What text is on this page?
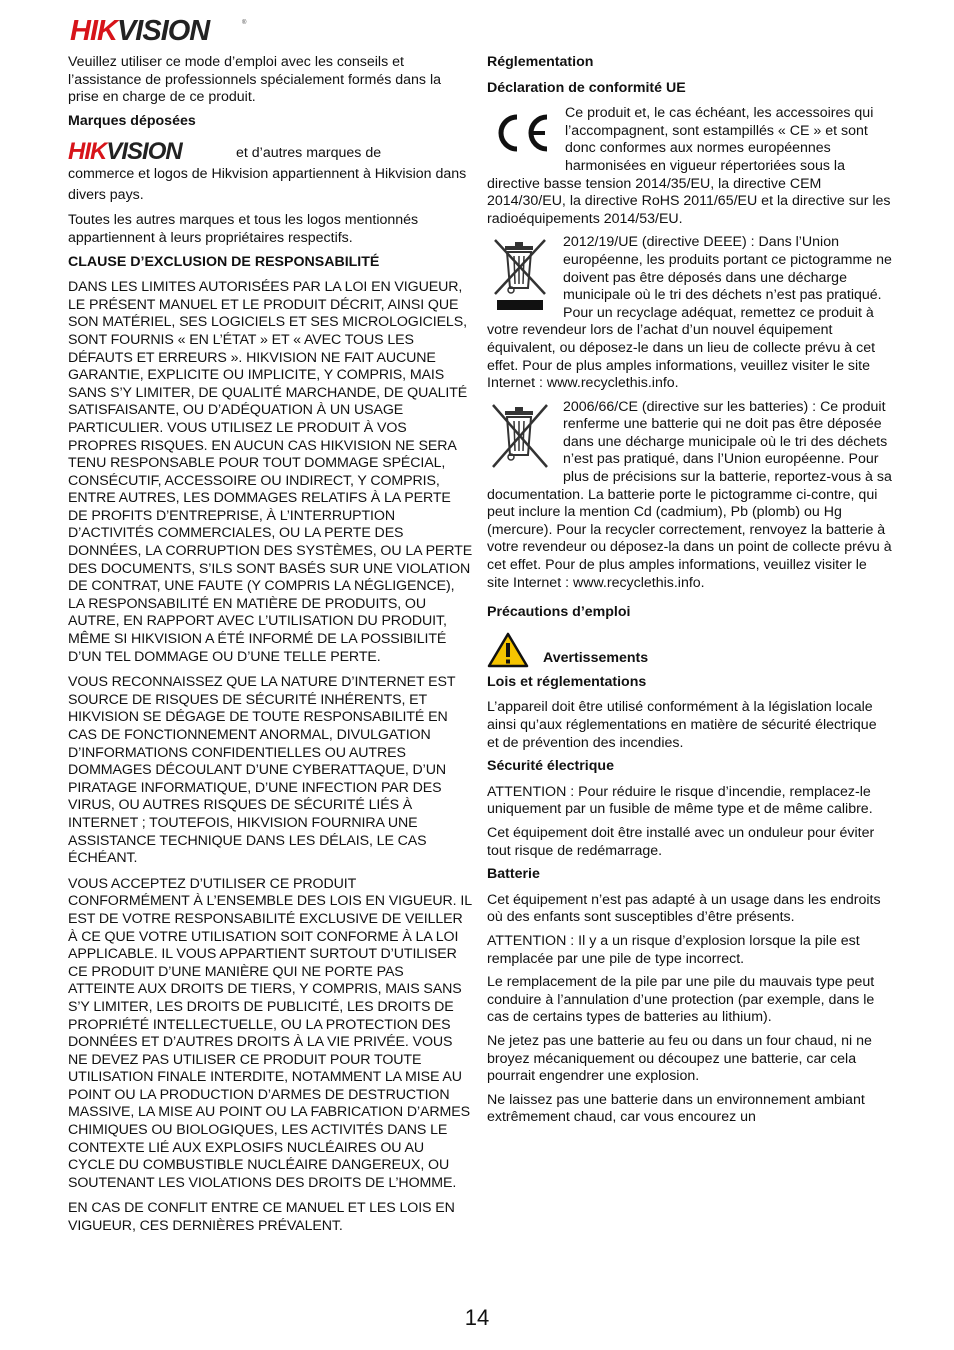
HIKVISION	®

Veuillez utiliser ce mode d’emploi avec les conseils et l’assistance de professionnels spécialement formés dans la prise en charge de ce produit.

Marques déposées

HIKVISION	et d’autres marques de

commerce et logos de Hikvision appartiennent à Hikvision dans divers pays.

Toutes les autres marques et tous les logos mentionnés appartiennent à leurs propriétaires respectifs.

CLAUSE D’EXCLUSION DE RESPONSABILITÉ

DANS LES LIMITES AUTORISÉES PAR LA LOI EN VIGUEUR, LE PRÉSENT MANUEL ET LE PRODUIT DÉCRIT, AINSI QUE SON MATÉRIEL, SES LOGICIELS ET SES MICROLOGICIELS, SONT FOURNIS « EN L’ÉTAT » ET « AVEC TOUS LES DÉFAUTS ET ERREURS ». HIKVISION NE FAIT AUCUNE GARANTIE, EXPLICITE OU IMPLICITE, Y COMPRIS, MAIS SANS S’Y LIMITER, DE QUALITÉ MARCHANDE, DE QUALITÉ SATISFAISANTE, OU D’ADÉQUATION À UN USAGE PARTICULIER. VOUS UTILISEZ LE PRODUIT À VOS PROPRES RISQUES. EN AUCUN CAS HIKVISION NE SERA TENU RESPONSABLE POUR TOUT DOMMAGE SPÉCIAL, CONSÉCUTIF, ACCESSOIRE OU INDIRECT, Y COMPRIS, ENTRE AUTRES, LES DOMMAGES RELATIFS À LA PERTE DE PROFITS D’ENTREPRISE, À L’INTERRUPTION D’ACTIVITÉS COMMERCIALES, OU LA PERTE DES DONNÉES, LA CORRUPTION DES SYSTÈMES, OU LA PERTE DES DOCUMENTS, S’ILS SONT BASÉS SUR UNE VIOLATION DE CONTRAT, UNE FAUTE (Y COMPRIS LA NÉGLIGENCE), LA RESPONSABILITÉ EN MATIÈRE DE PRODUITS, OU AUTRE, EN RAPPORT AVEC L’UTILISATION DU PRODUIT, MÊME SI HIKVISION A ÉTÉ INFORMÉ DE LA POSSIBILITÉ D’UN TEL DOMMAGE OU D’UNE TELLE PERTE.

VOUS RECONNAISSEZ QUE LA NATURE D’INTERNET EST SOURCE DE RISQUES DE SÉCURITÉ INHÉRENTS, ET HIKVISION SE DÉGAGE DE TOUTE RESPONSABILITÉ EN CAS DE FONCTIONNEMENT ANORMAL, DIVULGATION D’INFORMATIONS CONFIDENTIELLES OU AUTRES DOMMAGES DÉCOULANT D’UNE CYBERATTAQUE, D’UN PIRATAGE INFORMATIQUE, D’UNE INFECTION PAR DES VIRUS, OU AUTRES RISQUES DE SÉCURITÉ LIÉS À INTERNET ; TOUTEFOIS, HIKVISION FOURNIRA UNE ASSISTANCE TECHNIQUE DANS LES DÉLAIS, LE CAS ÉCHÉANT.

VOUS ACCEPTEZ D’UTILISER CE PRODUIT CONFORMÉMENT À L’ENSEMBLE DES LOIS EN VIGUEUR. IL EST DE VOTRE RESPONSABILITÉ EXCLUSIVE DE VEILLER À CE QUE VOTRE UTILISATION SOIT CONFORME À LA LOI APPLICABLE. IL VOUS APPARTIENT SURTOUT D’UTILISER CE PRODUIT D’UNE MANIÈRE QUI NE PORTE PAS ATTEINTE AUX DROITS DE TIERS, Y COMPRIS, MAIS SANS S’Y LIMITER, LES DROITS DE PUBLICITÉ, LES DROITS DE PROPRIÉTÉ INTELLECTUELLE, OU LA PROTECTION DES DONNÉES ET D’AUTRES DROITS À LA VIE PRIVÉE. VOUS NE DEVEZ PAS UTILISER CE PRODUIT POUR TOUTE UTILISATION FINALE INTERDITE, NOTAMMENT LA MISE AU POINT OU LA PRODUCTION D’ARMES DE DESTRUCTION MASSIVE, LA MISE AU POINT OU LA FABRICATION D’ARMES CHIMIQUES OU BIOLOGIQUES, LES ACTIVITÉS DANS LE CONTEXTE LIÉ AUX EXPLOSIFS NUCLÉAIRES OU AU CYCLE DU COMBUSTIBLE NUCLÉAIRE DANGEREUX, OU SOUTENANT LES VIOLATIONS DES DROITS DE L’HOMME.

EN CAS DE CONFLIT ENTRE CE MANUEL ET LES LOIS EN VIGUEUR, CES DERNIÈRES PRÉVALENT.

Réglementation

Déclaration de conformité UE

Ce produit et, le cas échéant, les accessoires qui l’accompagnent, sont estampillés « CE » et sont donc conformes aux normes européennes harmonisées en vigueur répertoriées sous la directive basse tension 2014/35/EU, la directive CEM 2014/30/EU, la directive RoHS 2011/65/EU et la directive sur les radioéquipements 2014/53/EU.

2012/19/UE (directive DEEE) : Dans l’Union européenne, les produits portant ce pictogramme ne doivent pas être déposés dans une décharge municipale où le tri des déchets n’est pas pratiqué. Pour un recyclage adéquat, remettez ce produit à votre revendeur lors de l’achat d’un nouvel équipement équivalent, ou déposez-le dans un lieu de collecte prévu à cet effet. Pour de plus amples informations, veuillez visiter le site Internet : www.recyclethis.info.

2006/66/CE (directive sur les batteries) : Ce produit renferme une batterie qui ne doit pas être déposée dans une décharge municipale où le tri des déchets n’est pas pratiqué, dans l’Union européenne. Pour plus de précisions sur la batterie, reportez-vous à sa documentation. La batterie porte le pictogramme ci-contre, qui peut inclure la mention Cd (cadmium), Pb (plomb) ou Hg (mercure). Pour la recycler correctement, renvoyez la batterie à votre revendeur ou déposez-la dans un point de collecte prévu à cet effet. Pour de plus amples informations, veuillez visiter le site Internet : www.recyclethis.info.

Précautions d’emploi

Avertissements

Lois et réglementations

L’appareil doit être utilisé conformément à la législation locale ainsi qu’aux réglementations en matière de sécurité électrique et de prévention des incendies.

Sécurité électrique

ATTENTION : Pour réduire le risque d’incendie, remplacez-le uniquement par un fusible de même type et de même calibre.

Cet équipement doit être installé avec un onduleur pour éviter tout risque de redémarrage.

Batterie

Cet équipement n’est pas adapté à un usage dans les endroits où des enfants sont susceptibles d’être présents.

ATTENTION : Il y a un risque d’explosion lorsque la pile est remplacée par une pile de type incorrect.

Le remplacement de la pile par une pile du mauvais type peut conduire à l’annulation d’une protection (par exemple, dans le cas de certains types de batteries au lithium).

Ne jetez pas une batterie au feu ou dans un four chaud, ni ne broyez mécaniquement ou découpez une batterie, car cela pourrait engendrer une explosion.

Ne laissez pas une batterie dans un environnement ambiant extrêmement chaud, car vous encourez un

14
